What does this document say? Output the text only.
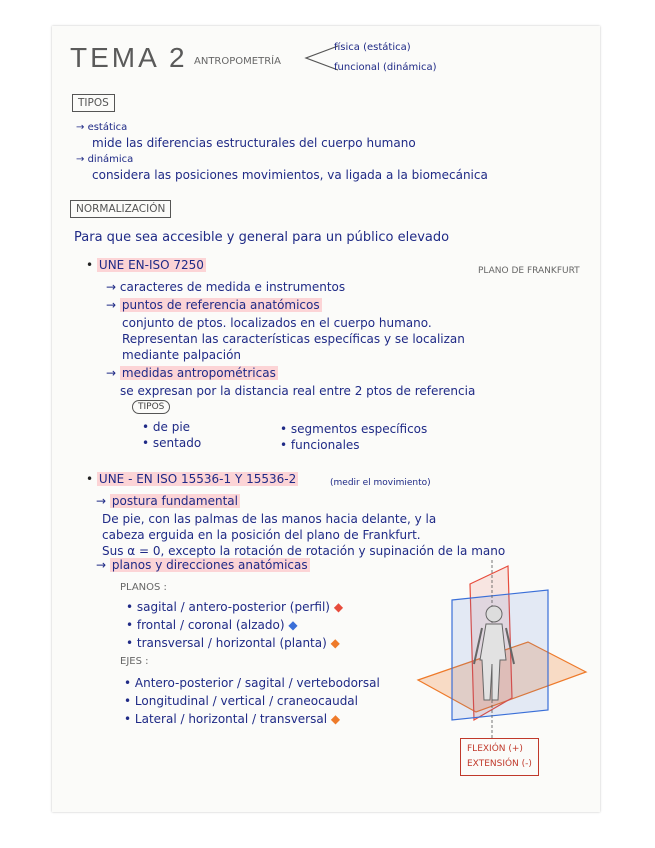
TEMA 2 ANTROPOMETRÍA
física (estática)
funcional (dinámica)
TIPOS
→ estática
mide las diferencias estructurales del cuerpo humano
→ dinámica
considera las posiciones movimientos, va ligada a la biomecánica
NORMALIZACIÓN
Para que sea accesible y general para un público elevado
• UNE EN-ISO 7250	PLANO DE FRANKFURT
→ caracteres de medida e instrumentos
→ puntos de referencia anatómicos
conjunto de ptos. localizados en el cuerpo humano.
Representan las características específicas y se localizan
mediante palpación
→ medidas antropométricas
se expresan por la distancia real entre 2 ptos de referencia
TIPOS
• de pie
• sentado
• segmentos específicos
• funcionales
• UNE - EN ISO 15536-1 Y 15536-2	(medir el movimiento)
→ postura fundamental
De pie, con las palmas de las manos hacia delante, y la
cabeza erguida en la posición del plano de Frankfurt.
Sus α = 0, excepto la rotación de rotación y supinación de la mano
→ planos y direcciones anatómicas
PLANOS :
• sagital / antero-posterior (perfil) ◆
• frontal / coronal (alzado) ◆
• transversal / horizontal (planta) ◆
EJES :
• Antero-posterior / sagital / vertebodorsal
• Longitudinal / vertical / craneocaudal
• Lateral / horizontal / transversal ◆
FLEXIÓN (+)
EXTENSIÓN (-)
